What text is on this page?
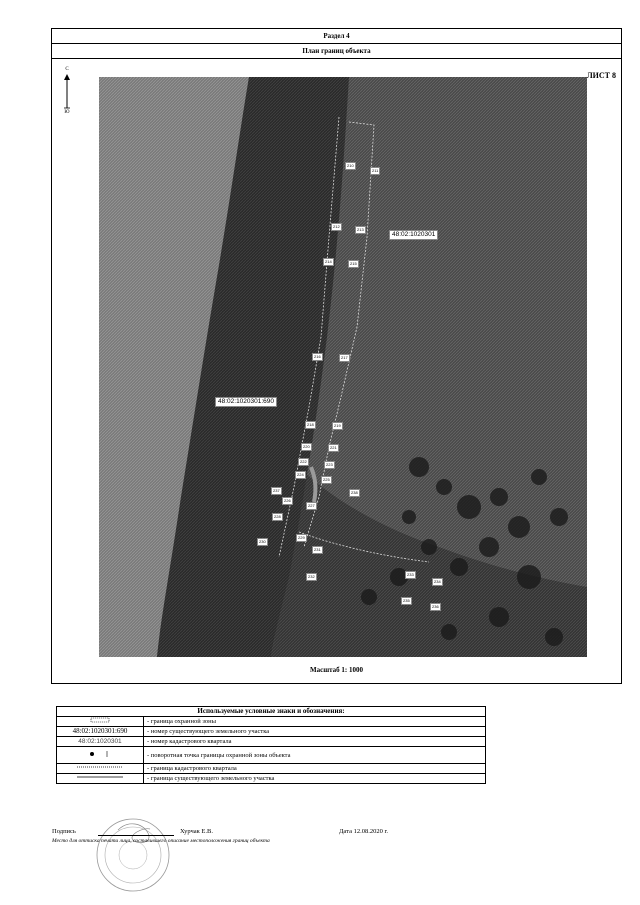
Раздел 4
План границ объекта
ЛИСТ 8
С
Ю
210
211
212
213
214	215
216	217
218	219
220	221
222
223
224
225
226
227
228
229
230
231
232	233
234
235
236
237	238
48:02:1020301
48:02:1020301:690
Масштаб 1: 1000
Используемые условные знаки и обозначения:	
	- граница охранной зоны
48:02:1020301:690	- номер существующего земельного участка
48:02:1020301	- номер кадастрового квартала
	- поворотная точка границы охранной зоны объекта
	- граница кадастрового квартала
	- граница существующего земельного участка
Подпись	Хурчак Е.В.	Дата 12.08.2020 г.
Место для оттиска печати лица, составившего описание местоположения границ объекта
